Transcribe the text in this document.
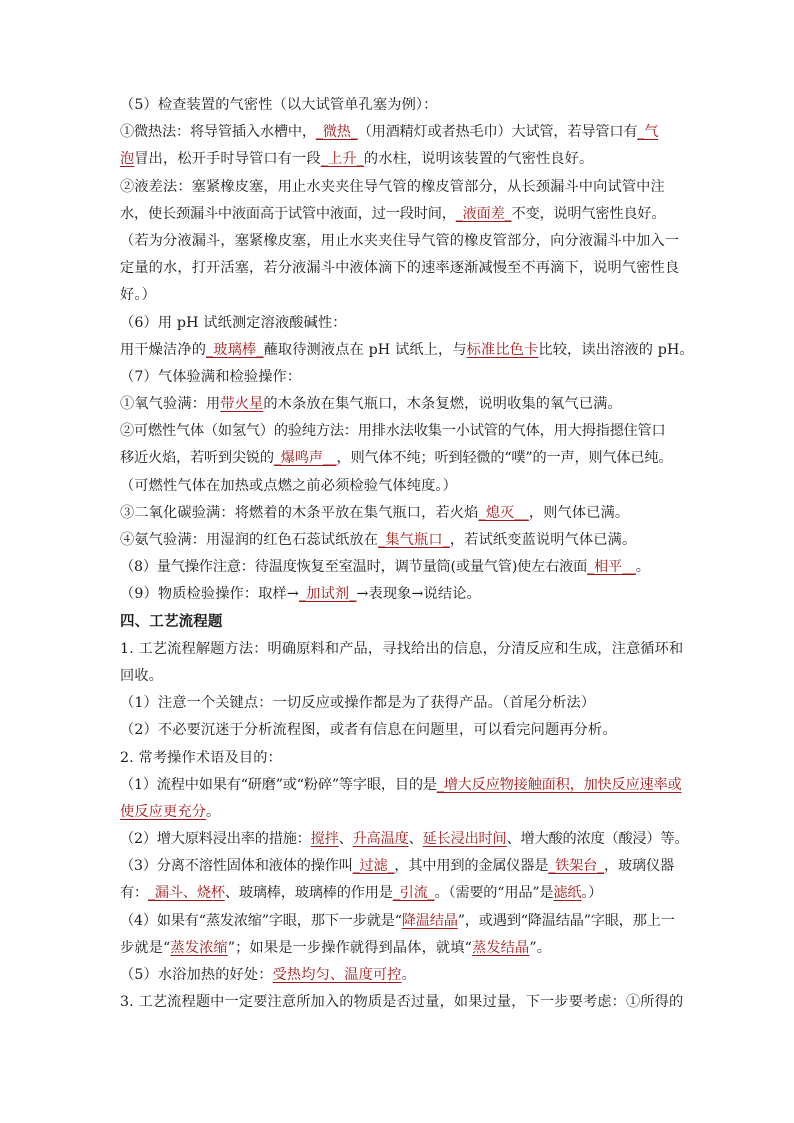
（5）检查装置的气密性（以大试管单孔塞为例）：
①微热法：将导管插入水槽中，_微热_（用酒精灯或者热毛巾）大试管，若导管口有_气
泡冒出，松开手时导管口有一段_上升_的水柱，说明该装置的气密性良好。
②液差法：塞紧橡皮塞，用止水夹夹住导气管的橡皮管部分，从长颈漏斗中向试管中注
水，使长颈漏斗中液面高于试管中液面，过一段时间，_液面差_不变，说明气密性良好。
（若为分液漏斗，塞紧橡皮塞，用止水夹夹住导气管的橡皮管部分，向分液漏斗中加入一
定量的水，打开活塞，若分液漏斗中液体滴下的速率逐渐减慢至不再滴下，说明气密性良
好。）
（6）用 pH 试纸测定溶液酸碱性：
用干燥洁净的_玻璃棒_蘸取待测液点在 pH 试纸上，与标准比色卡比较，读出溶液的 pH。
（7）气体验满和检验操作：
①氧气验满：用带火星的木条放在集气瓶口，木条复燃，说明收集的氧气已满。
②可燃性气体（如氢气）的验纯方法：用排水法收集一小试管的气体，用大拇指摁住管口
移近火焰，若听到尖锐的_爆鸣声__，则气体不纯；听到轻微的“噗”的一声，则气体已纯。
（可燃性气体在加热或点燃之前必须检验气体纯度。）
③二氧化碳验满：将燃着的木条平放在集气瓶口，若火焰_熄灭__，则气体已满。
④氨气验满：用湿润的红色石蕊试纸放在_集气瓶口_，若试纸变蓝说明气体已满。
（8）量气操作注意：待温度恢复至室温时，调节量筒(或量气管)使左右液面_相平__。
（9）物质检验操作：取样→_加试剂_→表现象→说结论。
四、工艺流程题
1. 工艺流程解题方法：明确原料和产品，寻找给出的信息，分清反应和生成，注意循环和
回收。
（1）注意一个关键点：一切反应或操作都是为了获得产品。（首尾分析法）
（2）不必要沉迷于分析流程图，或者有信息在问题里，可以看完问题再分析。
2. 常考操作术语及目的：
（1）流程中如果有“研磨”或“粉碎”等字眼，目的是_增大反应物接触面积，加快反应速率或
使反应更充分。
（2）增大原料浸出率的措施：搅拌、升高温度、延长浸出时间、增大酸的浓度（酸浸）等。
（3）分离不溶性固体和液体的操作叫_过滤_，其中用到的金属仪器是_铁架台_，玻璃仪器
有：_漏斗、烧杯、玻璃棒，玻璃棒的作用是_引流_。（需要的“用品”是滤纸。）
（4）如果有“蒸发浓缩”字眼，那下一步就是“降温结晶”，或遇到“降温结晶”字眼，那上一
步就是“蒸发浓缩”；如果是一步操作就得到晶体，就填“蒸发结晶”。
（5）水浴加热的好处：受热均匀、温度可控。
3. 工艺流程题中一定要注意所加入的物质是否过量，如果过量，下一步要考虑：①所得的
